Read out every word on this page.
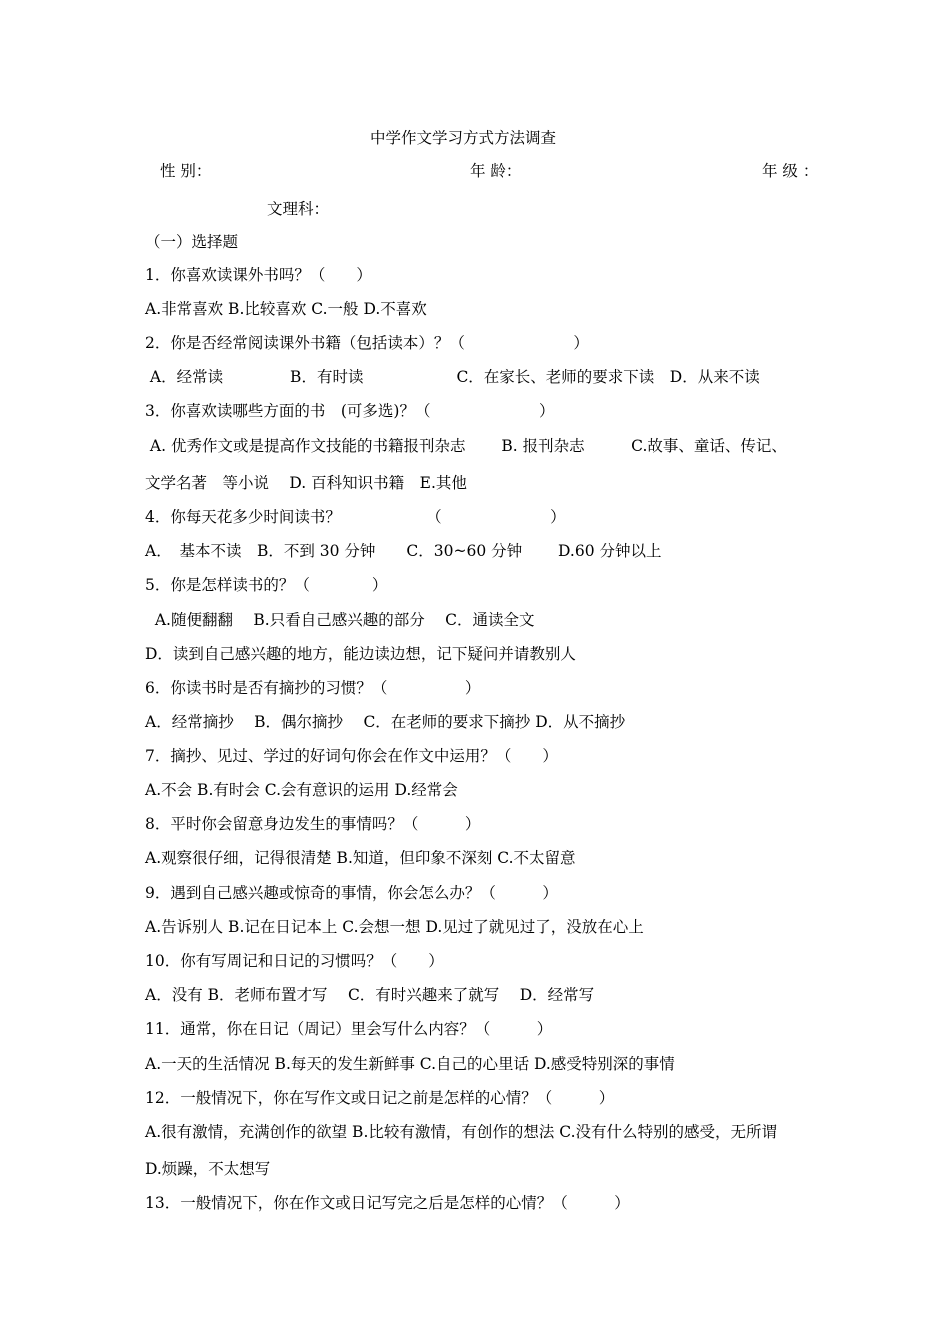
中学作文学习方式方法调查
性 别：	年 龄：	年 级 ：
文理科：
（一）选择题
1．你喜欢读课外书吗？（　　）
A.非常喜欢 B.比较喜欢 C.一般 D.不喜欢
2．你是否经常阅读课外书籍（包括读本）？（　　　　　　　）
A．经常读　　　　 B．有时读　　　　　　C．在家长、老师的要求下读　D．从来不读
3．你喜欢读哪些方面的书　(可多选)？（　　　　　　　）
A. 优秀作文或是提高作文技能的书籍报刊杂志　　 B. 报刊杂志　　　C.故事、童话、传记、
文学名著　等小说　 D. 百科知识书籍　E.其他
4．你每天花多少时间读书？　　　　　　（　　　　　　　）
A．　基本不读　B．不到 30 分钟　　C．30~60 分钟　　 D.60 分钟以上
5．你是怎样读书的？（　　　　）
A.随便翻翻　 B.只看自己感兴趣的部分　 C．通读全文
D．读到自己感兴趣的地方，能边读边想，记下疑问并请教别人
6．你读书时是否有摘抄的习惯？（　　　　　）
A．经常摘抄　 B．偶尔摘抄　 C．在老师的要求下摘抄 D．从不摘抄
7．摘抄、见过、学过的好词句你会在作文中运用？（　　）
A.不会 B.有时会 C.会有意识的运用 D.经常会
8．平时你会留意身边发生的事情吗？（　　　）
A.观察很仔细，记得很清楚 B.知道，但印象不深刻 C.不太留意
9．遇到自己感兴趣或惊奇的事情，你会怎么办？（　　　）
A.告诉别人 B.记在日记本上 C.会想一想 D.见过了就见过了，没放在心上
10．你有写周记和日记的习惯吗？（　　）
A．没有 B．老师布置才写　 C．有时兴趣来了就写　 D．经常写
11．通常，你在日记（周记）里会写什么内容？（　　　）
A.一天的生活情况 B.每天的发生新鲜事 C.自己的心里话 D.感受特别深的事情
12．一般情况下，你在写作文或日记之前是怎样的心情？（　　　）
A.很有激情，充满创作的欲望 B.比较有激情，有创作的想法 C.没有什么特别的感受，无所谓
D.烦躁，不太想写
13．一般情况下，你在作文或日记写完之后是怎样的心情？（　　　）
